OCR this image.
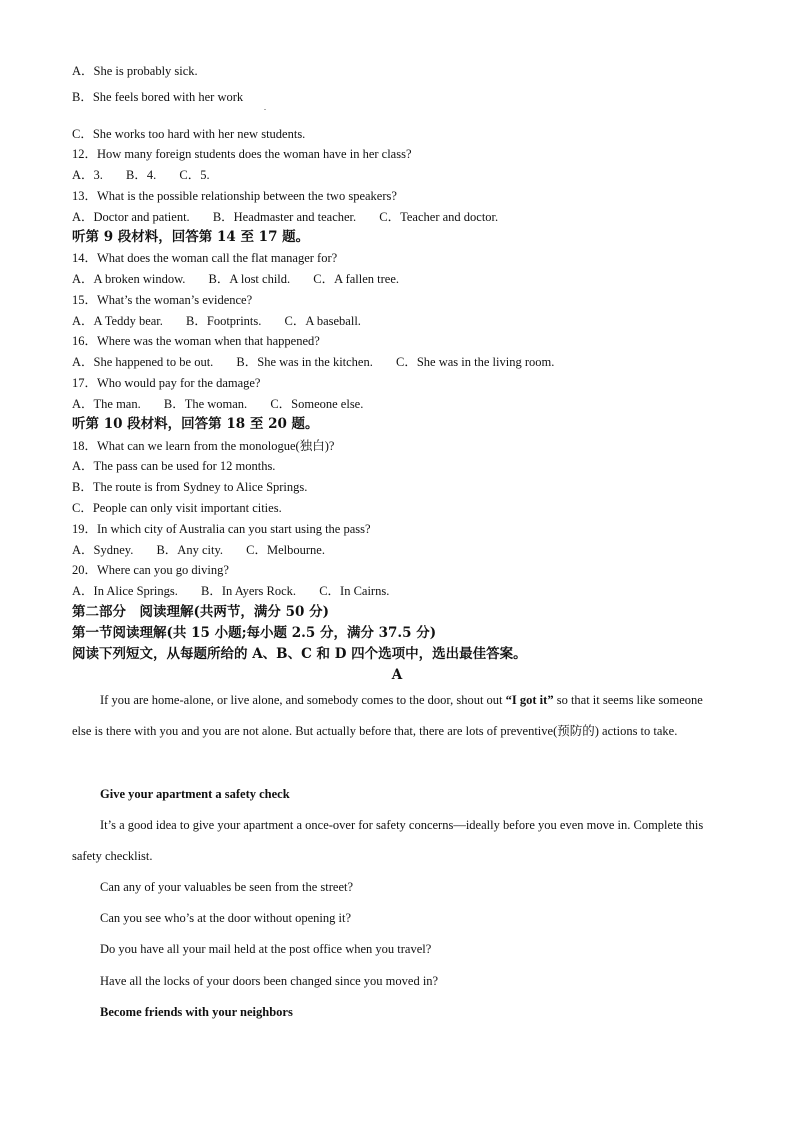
A．She is probably sick.
B．She feels bored with her work
.
C．She works too hard with her new students.
12．How many foreign students does the woman have in her class?
A．3. B．4. C．5.
13．What is the possible relationship between the two speakers?
A．Doctor and patient. B．Headmaster and teacher. C．Teacher and doctor.
听第 9 段材料，回答第 14 至 17 题。
14．What does the woman call the flat manager for?
A．A broken window. B．A lost child. C．A fallen tree.
15．What’s the woman’s evidence?
A．A Teddy bear. B．Footprints. C．A baseball.
16．Where was the woman when that happened?
A．She happened to be out. B．She was in the kitchen. C．She was in the living room.
17．Who would pay for the damage?
A．The man. B．The woman. C．Someone else.
听第 10 段材料，回答第 18 至 20 题。
18．What can we learn from the monologue(独白)?
A．The pass can be used for 12 months.
B．The route is from Sydney to Alice Springs.
C．People can only visit important cities.
19．In which city of Australia can you start using the pass?
A．Sydney. B．Any city. C．Melbourne.
20．Where can you go diving?
A．In Alice Springs. B．In Ayers Rock. C．In Cairns.
第二部分　阅读理解(共两节，满分 50 分)
第一节阅读理解(共 15 小题;每小题 2.5 分，满分 37.5 分)
阅读下列短文，从每题所给的 A、B、C 和 D 四个选项中，选出最佳答案。
A
If you are home-alone, or live alone, and somebody comes to the door, shout out “I got it” so that it seems like someone else is there with you and you are not alone. But actually before that, there are lots of preventive(预防的) actions to take.
Give your apartment a safety check
It’s a good idea to give your apartment a once-over for safety concerns—ideally before you even move in. Complete this safety checklist.
Can any of your valuables be seen from the street?
Can you see who’s at the door without opening it?
Do you have all your mail held at the post office when you travel?
Have all the locks of your doors been changed since you moved in?
Become friends with your neighbors
